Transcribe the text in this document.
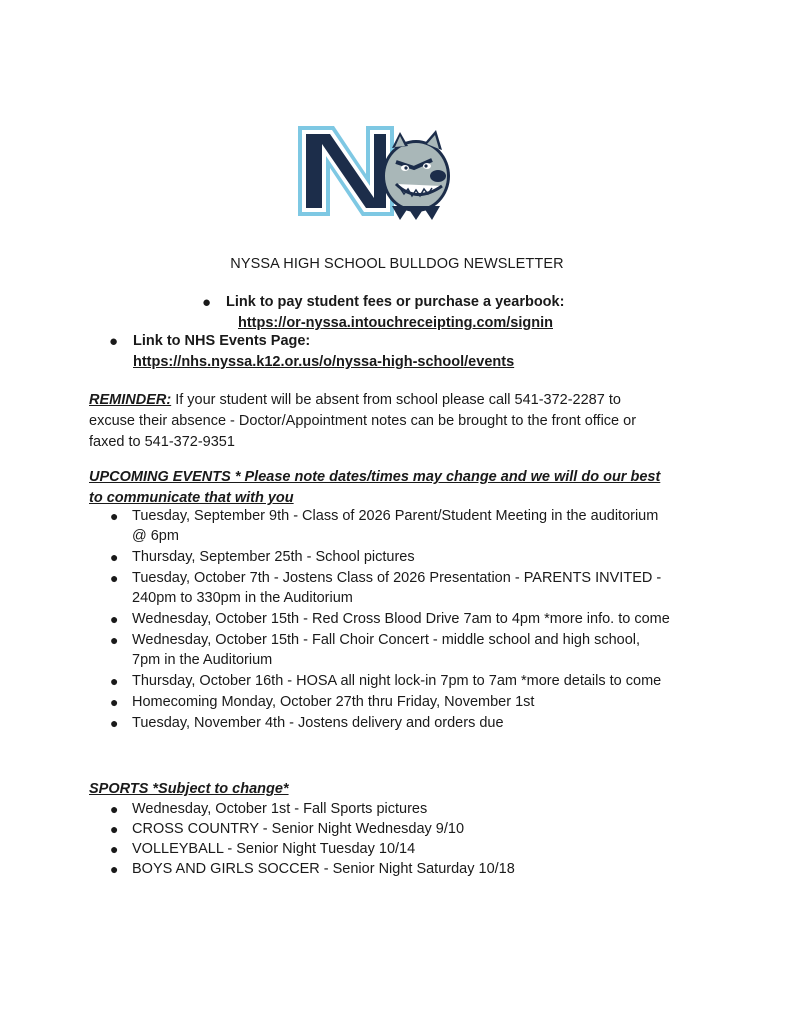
NYSSA HIGH SCHOOL BULLDOG NEWSLETTER
● Link to pay student fees or purchase a yearbook:
https://or-nyssa.intouchreceipting.com/signin
● Link to NHS Events Page:
https://nhs.nyssa.k12.or.us/o/nyssa-high-school/events
REMINDER: If your student will be absent from school please call 541-372-2287 to excuse their absence - Doctor/Appointment notes can be brought to the front office or faxed to 541-372-9351
UPCOMING EVENTS * Please note dates/times may change and we will do our best to communicate that with you
● Tuesday, September 9th - Class of 2026 Parent/Student Meeting in the auditorium @ 6pm
● Thursday, September 25th - School pictures
● Tuesday, October 7th - Jostens Class of 2026 Presentation - PARENTS INVITED - 240pm to 330pm in the Auditorium
● Wednesday, October 15th - Red Cross Blood Drive 7am to 4pm *more info. to come
● Wednesday, October 15th - Fall Choir Concert - middle school and high school, 7pm in the Auditorium
● Thursday, October 16th - HOSA all night lock-in 7pm to 7am *more details to come
● Homecoming Monday, October 27th thru Friday, November 1st
● Tuesday, November 4th - Jostens delivery and orders due
SPORTS *Subject to change*
● Wednesday, October 1st - Fall Sports pictures
● CROSS COUNTRY - Senior Night Wednesday 9/10
● VOLLEYBALL - Senior Night Tuesday 10/14
● BOYS AND GIRLS SOCCER - Senior Night Saturday 10/18
